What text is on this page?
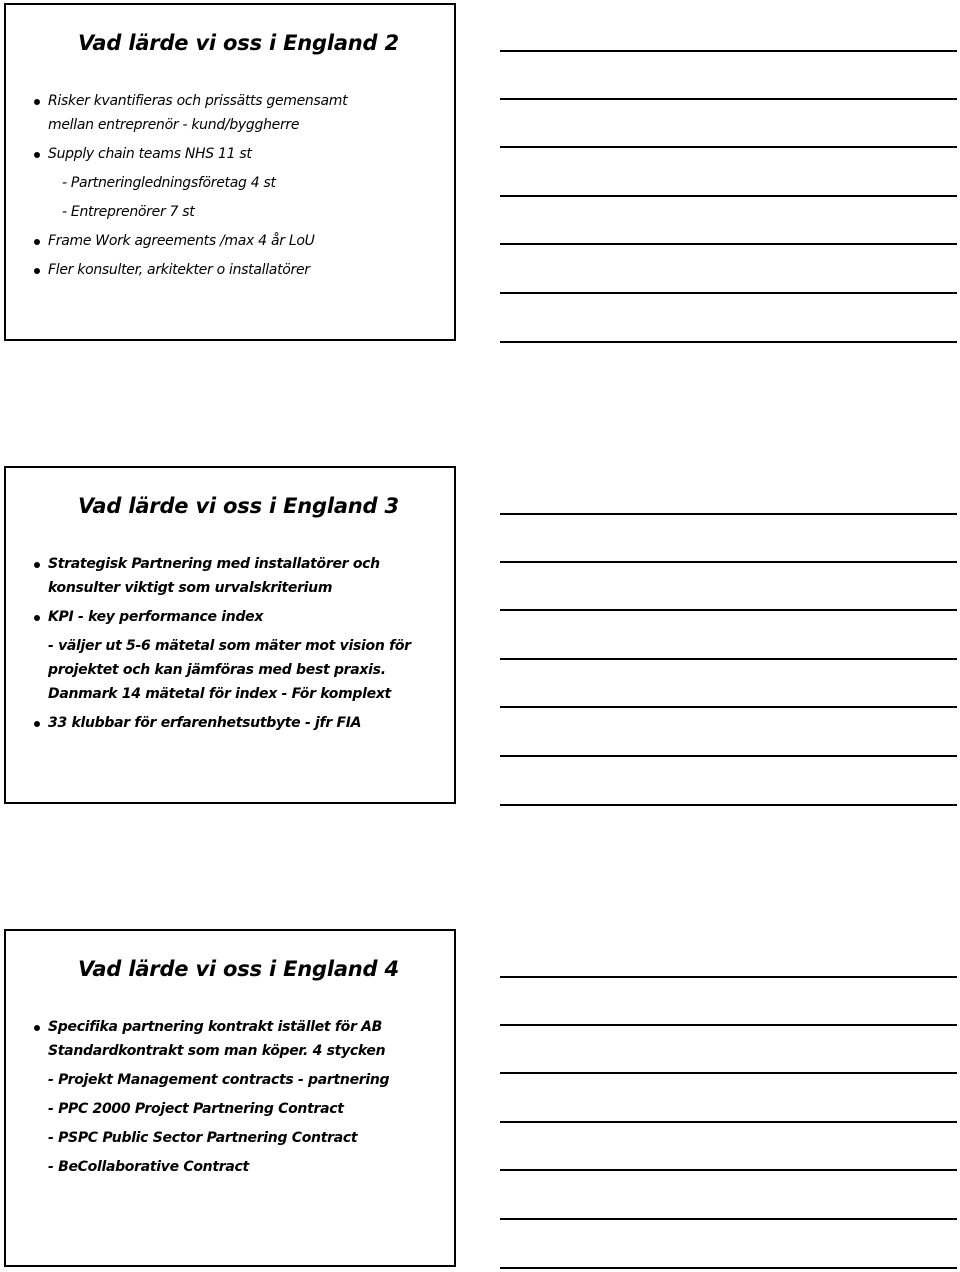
Vad lärde vi oss i England 2
Risker kvantifieras och prissätts gemensamt
mellan entreprenör - kund/byggherre
Supply chain teams NHS 11 st
- Partneringledningsföretag 4 st
- Entreprenörer 7 st
Frame Work agreements /max 4 år LoU
Fler konsulter, arkitekter o installatörer
Vad lärde vi oss i England 3
Strategisk Partnering med installatörer och
konsulter viktigt som urvalskriterium
KPI - key performance index
- väljer ut 5-6 mätetal som mäter mot vision för
projektet och kan jämföras med best praxis.
Danmark 14 mätetal för index - För komplext
33 klubbar för erfarenhetsutbyte - jfr FIA
Vad lärde vi oss i England 4
Specifika partnering kontrakt istället för AB
Standardkontrakt som man köper. 4 stycken
- Projekt Management contracts - partnering
- PPC 2000 Project Partnering Contract
- PSPC Public Sector Partnering Contract
- BeCollaborative Contract
